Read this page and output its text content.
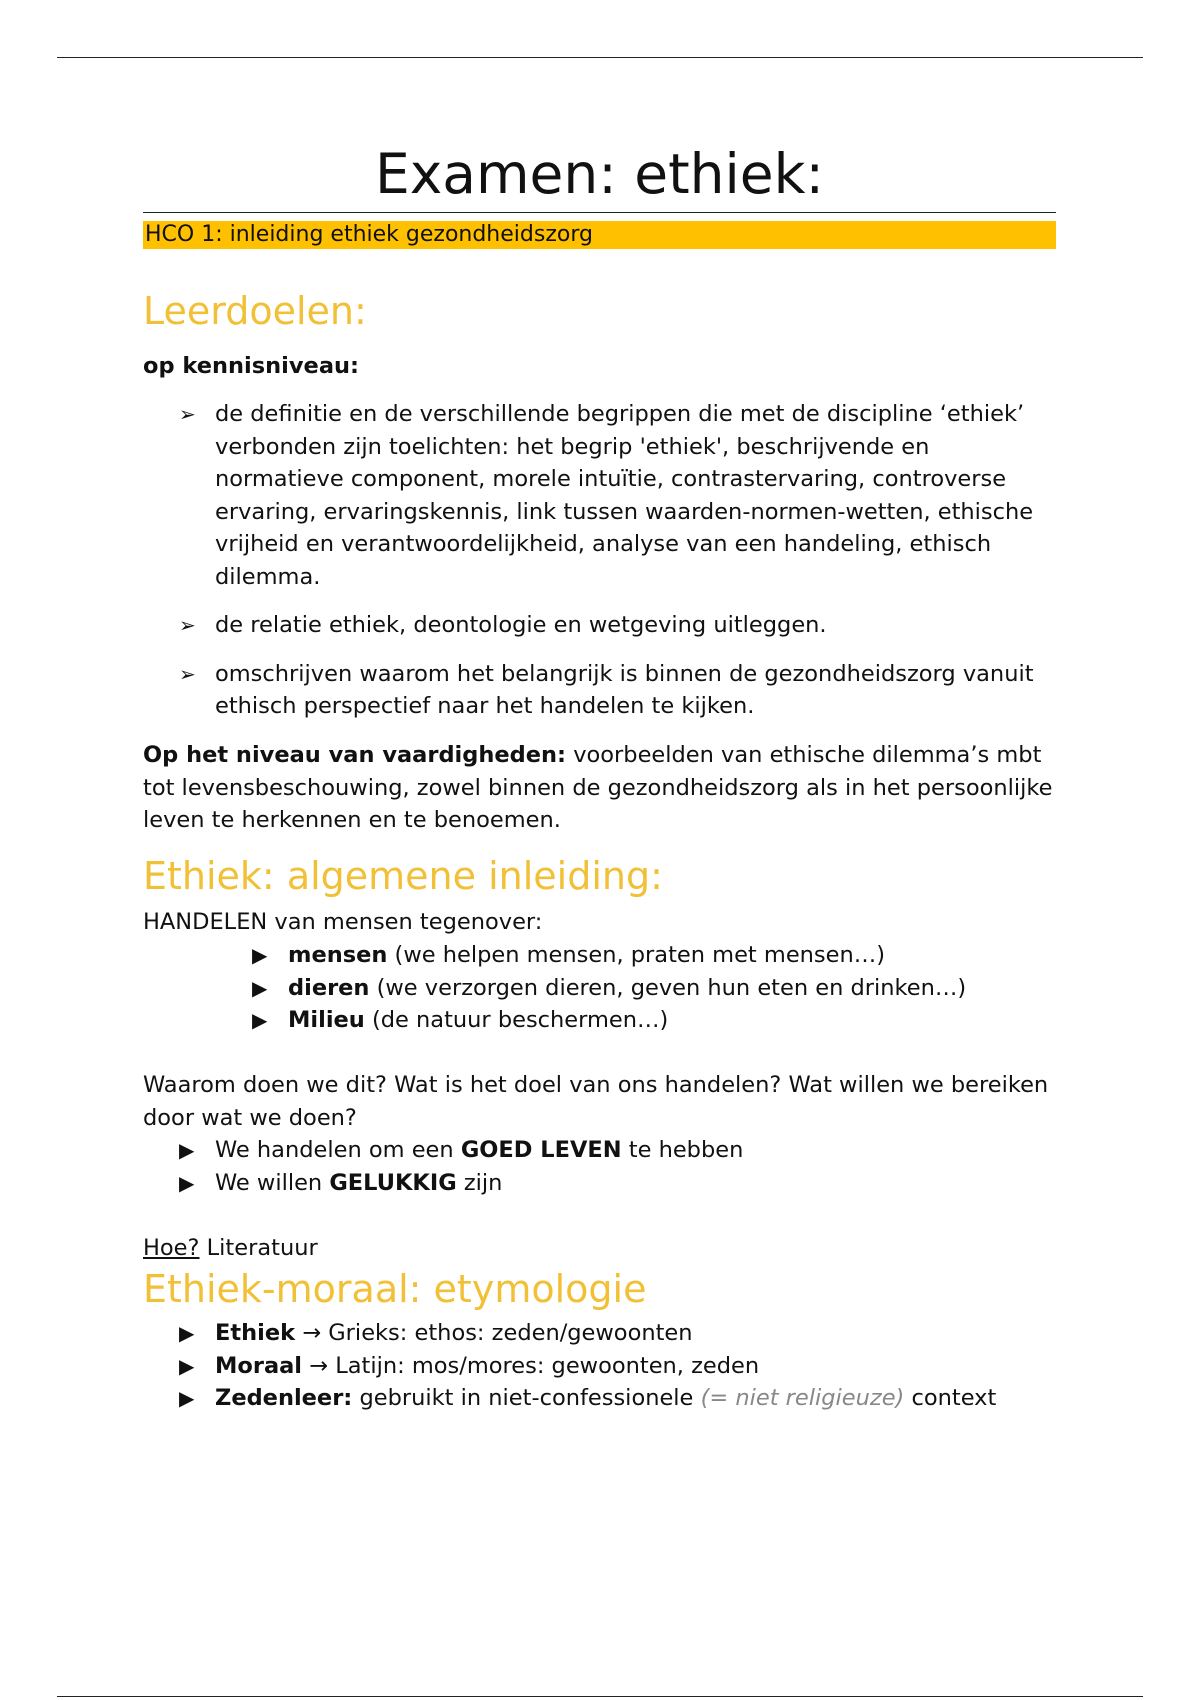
Examen: ethiek:
HCO 1: inleiding ethiek gezondheidszorg
Leerdoelen:

op kennisniveau:

➢ de definitie en de verschillende begrippen die met de discipline ‘ethiek’ verbonden zijn toelichten: het begrip 'ethiek', beschrijvende en normatieve component, morele intuïtie, contrastervaring, controverse ervaring, ervaringskennis, link tussen waarden-normen-wetten, ethische vrijheid en verantwoordelijkheid, analyse van een handeling, ethisch dilemma.
➢ de relatie ethiek, deontologie en wetgeving uitleggen.
➢ omschrijven waarom het belangrijk is binnen de gezondheidszorg vanuit ethisch perspectief naar het handelen te kijken.

Op het niveau van vaardigheden: voorbeelden van ethische dilemma’s mbt tot levensbeschouwing, zowel binnen de gezondheidszorg als in het persoonlijke leven te herkennen en te benoemen.

Ethiek: algemene inleiding:

HANDELEN van mensen tegenover:

▶ mensen (we helpen mensen, praten met mensen…)
▶ dieren (we verzorgen dieren, geven hun eten en drinken…)
▶ Milieu (de natuur beschermen…)

Waarom doen we dit? Wat is het doel van ons handelen? Wat willen we bereiken door wat we doen?

▶ We handelen om een GOED LEVEN te hebben
▶ We willen GELUKKIG zijn

Hoe? Literatuur

Ethiek-moraal: etymologie
▶ Ethiek → Grieks: ethos: zeden/gewoonten
▶ Moraal → Latijn: mos/mores: gewoonten, zeden
▶ Zedenleer: gebruikt in niet-confessionele (= niet religieuze) context
